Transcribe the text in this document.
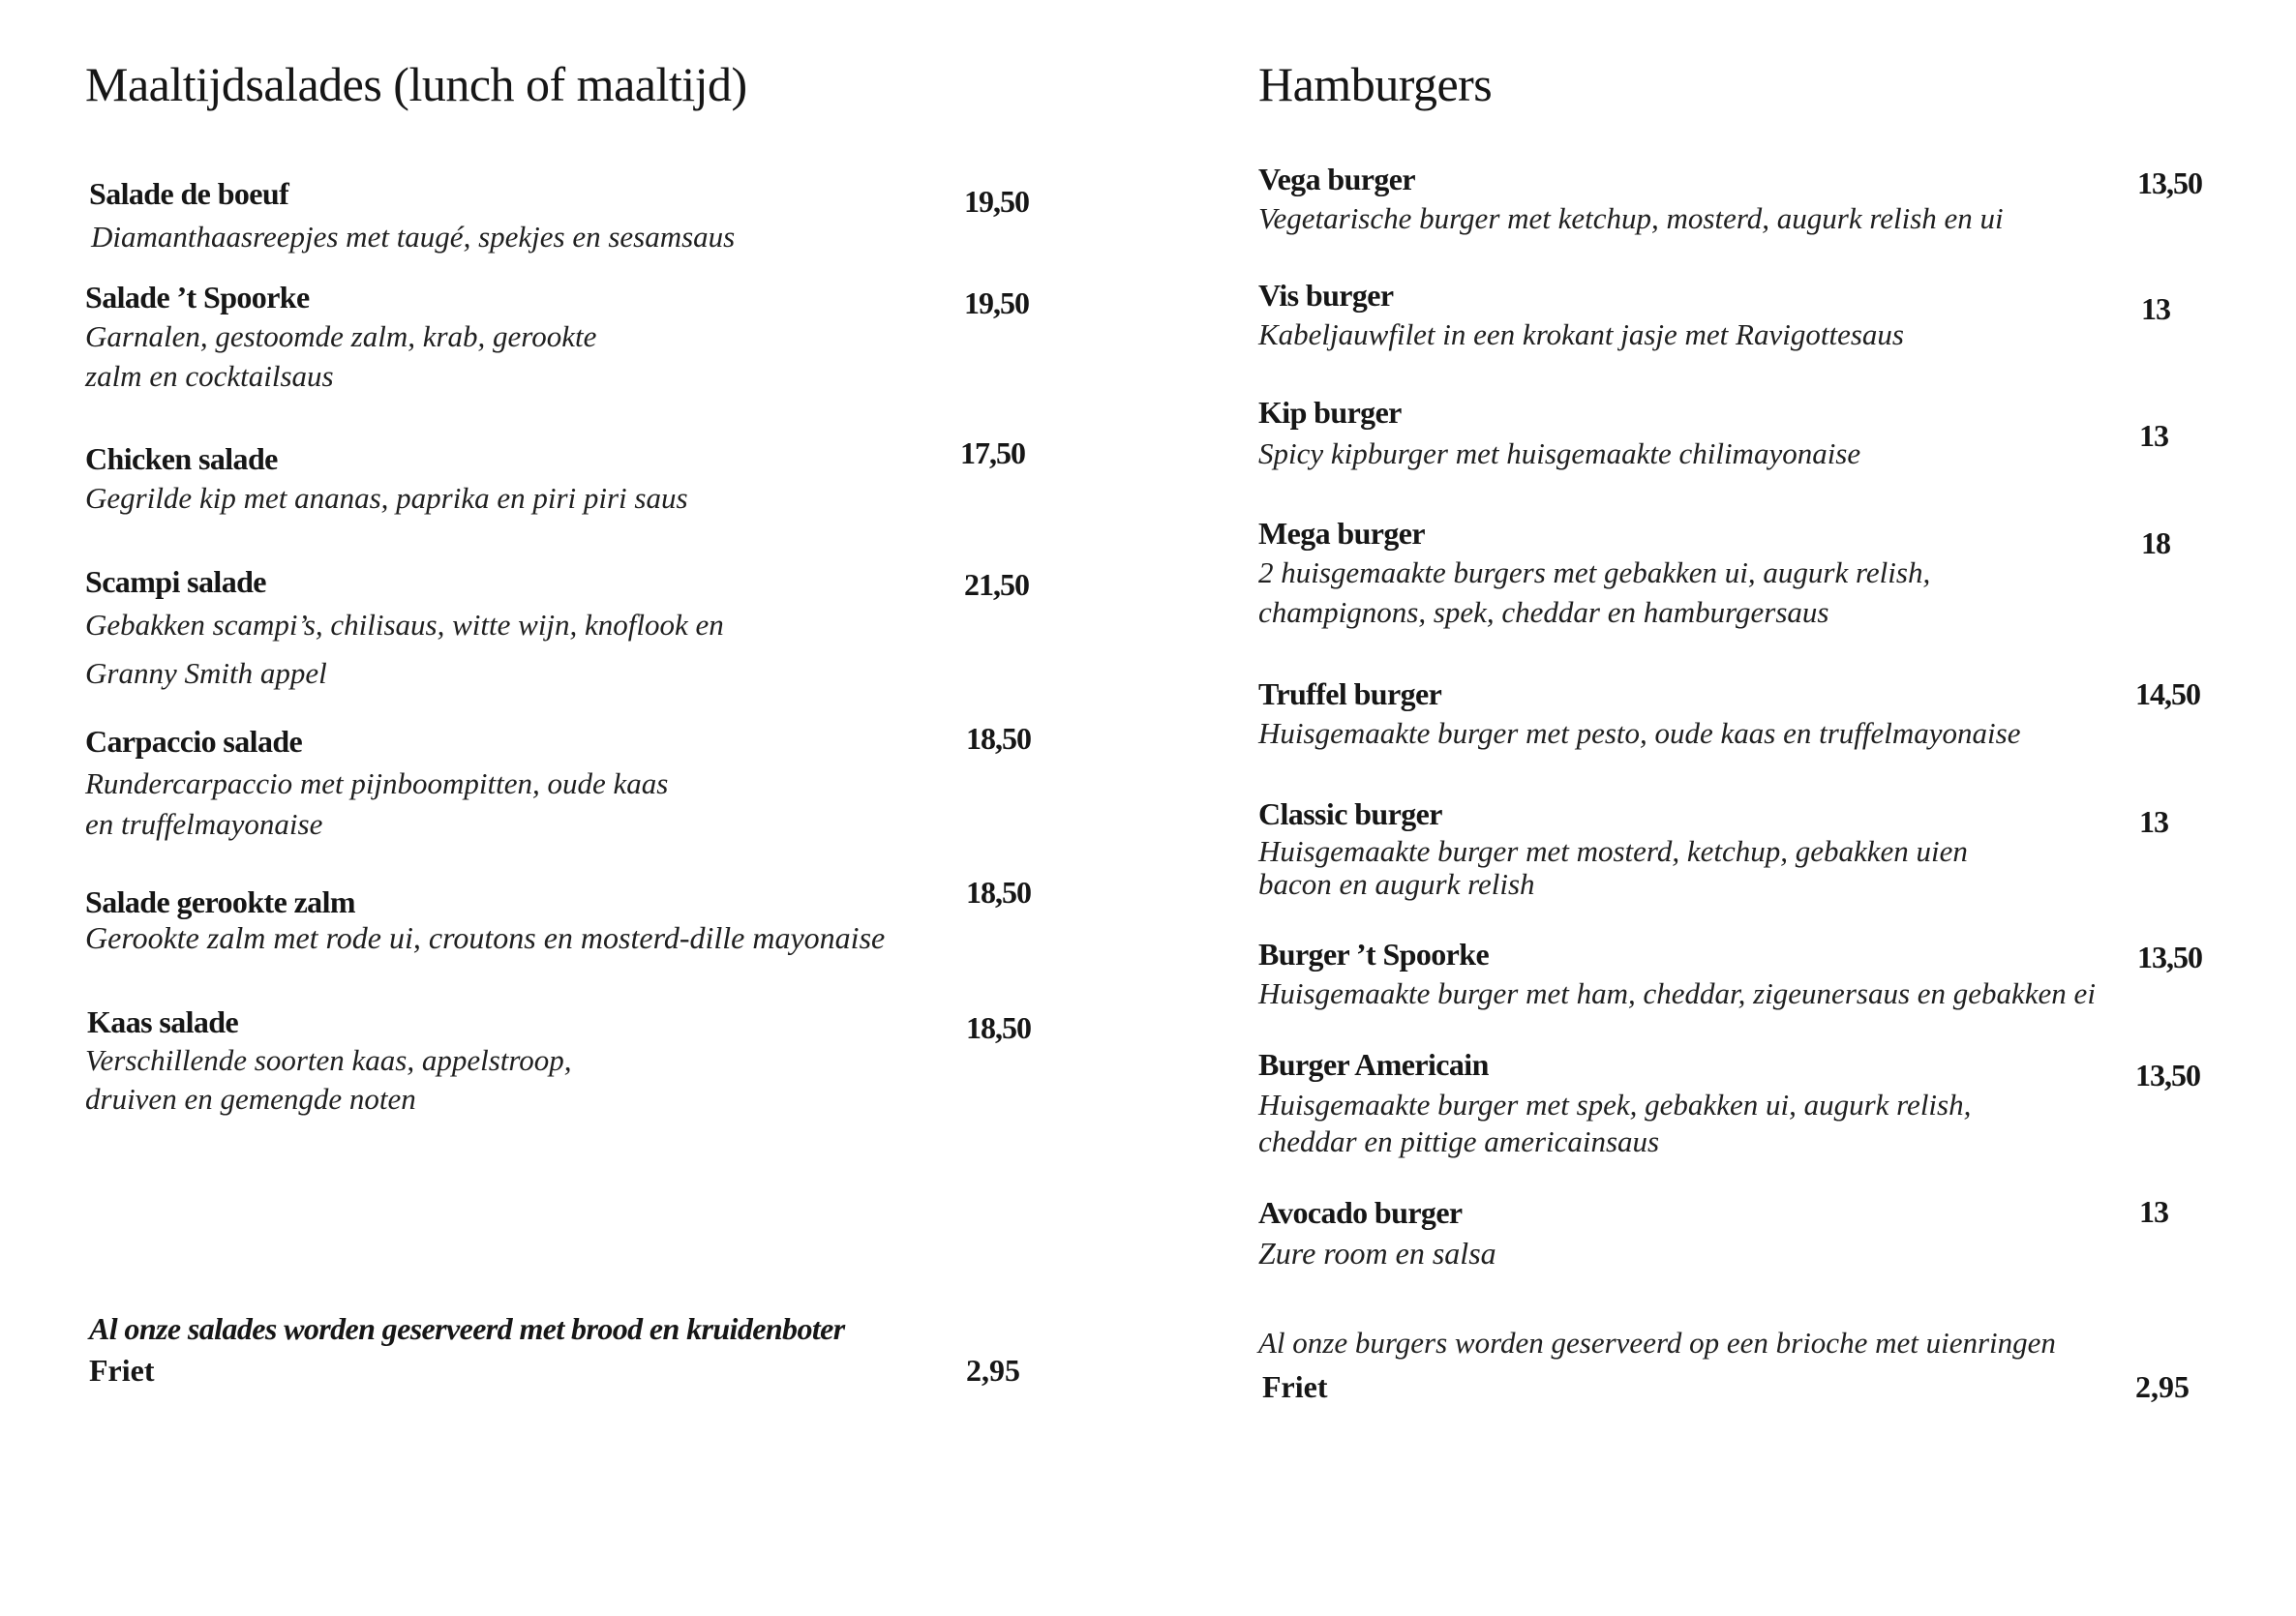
Maaltijdsalades (lunch of maaltijd)
Salade de boeuf
Diamanthaasreepjes met taugé, spekjes en sesamsaus
19,50
Salade ’t Spoorke
Garnalen, gestoomde zalm, krab, gerookte
zalm en cocktailsaus
19,50
Chicken salade
Gegrilde kip met ananas, paprika en piri piri saus
17,50
Scampi salade
Gebakken scampi’s, chilisaus, witte wijn, knoflook en
Granny Smith appel
21,50
Carpaccio salade
Rundercarpaccio met pijnboompitten, oude kaas
en truffelmayonaise
18,50
Salade gerookte zalm
Gerookte zalm met rode ui, croutons en mosterd-dille mayonaise
18,50
Kaas salade
Verschillende soorten kaas, appelstroop,
druiven en gemengde noten
18,50
Al onze salades worden geserveerd met brood en kruidenboter
Friet	2,95
Hamburgers
Vega burger
Vegetarische burger met ketchup, mosterd, augurk relish en ui
13,50
Vis burger
Kabeljauwfilet in een krokant jasje met Ravigottesaus
13
Kip burger
Spicy kipburger met huisgemaakte chilimayonaise
13
Mega burger
2 huisgemaakte burgers met gebakken ui, augurk relish,
champignons, spek, cheddar en hamburgersaus
18
Truffel burger
Huisgemaakte burger met pesto, oude kaas en truffelmayonaise
14,50
Classic burger
Huisgemaakte burger met mosterd, ketchup, gebakken uien
bacon en augurk relish
13
Burger ’t Spoorke
Huisgemaakte burger met ham, cheddar, zigeunersaus en gebakken ei
13,50
Burger Americain
Huisgemaakte burger met spek, gebakken ui, augurk relish,
cheddar en pittige americainsaus
13,50
Avocado burger
Zure room en salsa
13
Al onze burgers worden geserveerd op een brioche met uienringen
Friet	2,95
